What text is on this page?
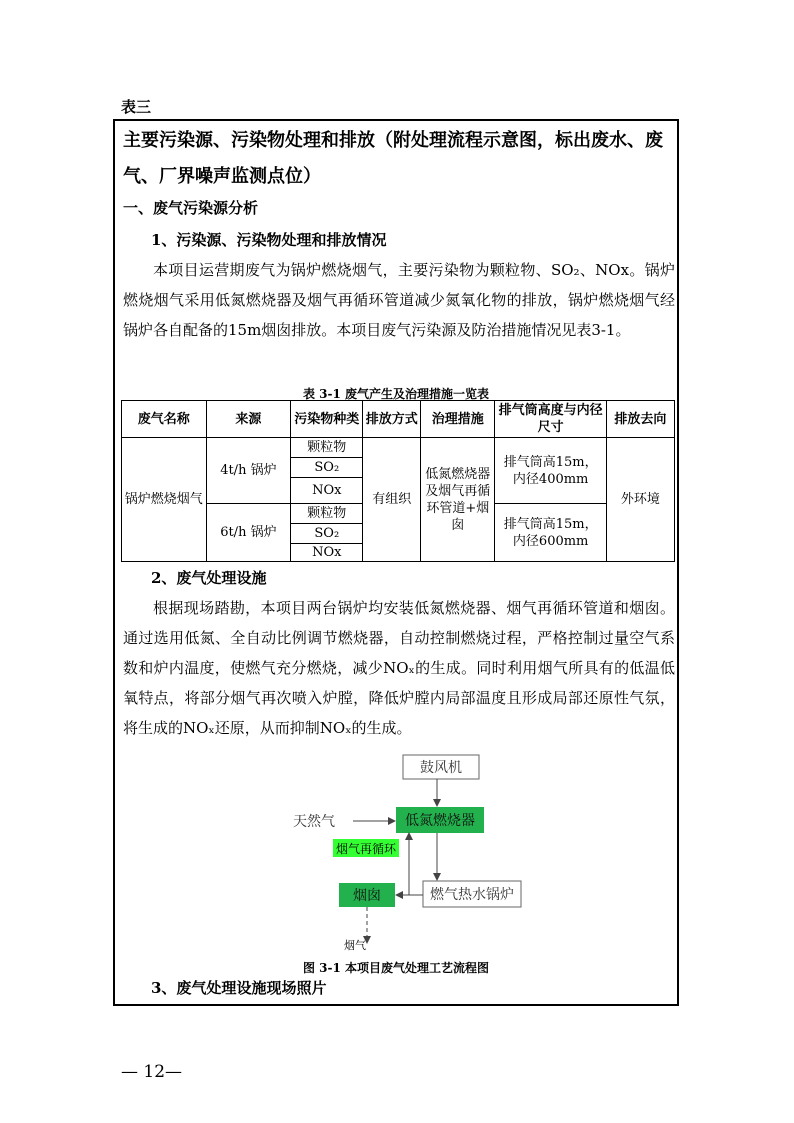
表三

主要污染源、污染物处理和排放（附处理流程示意图，标出废水、废气、厂界噪声监测点位）

一、废气污染源分析
1、污染源、污染物处理和排放情况

本项目运营期废气为锅炉燃烧烟气，主要污染物为颗粒物、SO₂、NOx。锅炉燃烧烟气采用低氮燃烧器及烟气再循环管道减少氮氧化物的排放，锅炉燃烧烟气经锅炉各自配备的15m烟囱排放。本项目废气污染源及防治措施情况见表3-1。

表 3-1 废气产生及治理措施一览表
废气名称	来源	污染物种类	排放方式	治理措施	排气筒高度与内径尺寸	排放去向
锅炉燃烧烟气	4t/h 锅炉	颗粒物	有组织	低氮燃烧器及烟气再循环管道+烟囱	排气筒高15m，内径400mm	外环境
		SO₂				
		NOx				
	6t/h 锅炉	颗粒物			排气筒高15m，内径600mm	
		SO₂				
		NOx				
2、废气处理设施

根据现场踏勘，本项目两台锅炉均安装低氮燃烧器、烟气再循环管道和烟囱。通过选用低氮、全自动比例调节燃烧器，自动控制燃烧过程，严格控制过量空气系数和炉内温度，使燃气充分燃烧，减少NOₓ的生成。同时利用烟气所具有的低温低氧特点，将部分烟气再次喷入炉膛，降低炉膛内局部温度且形成局部还原性气氛，将生成的NOₓ还原，从而抑制NOₓ的生成。

鼓风机
低氮燃烧器
天然气
烟气再循环
燃气热水锅炉
烟囱
烟气
图 3-1 本项目废气处理工艺流程图
3、废气处理设施现场照片
— 12—
